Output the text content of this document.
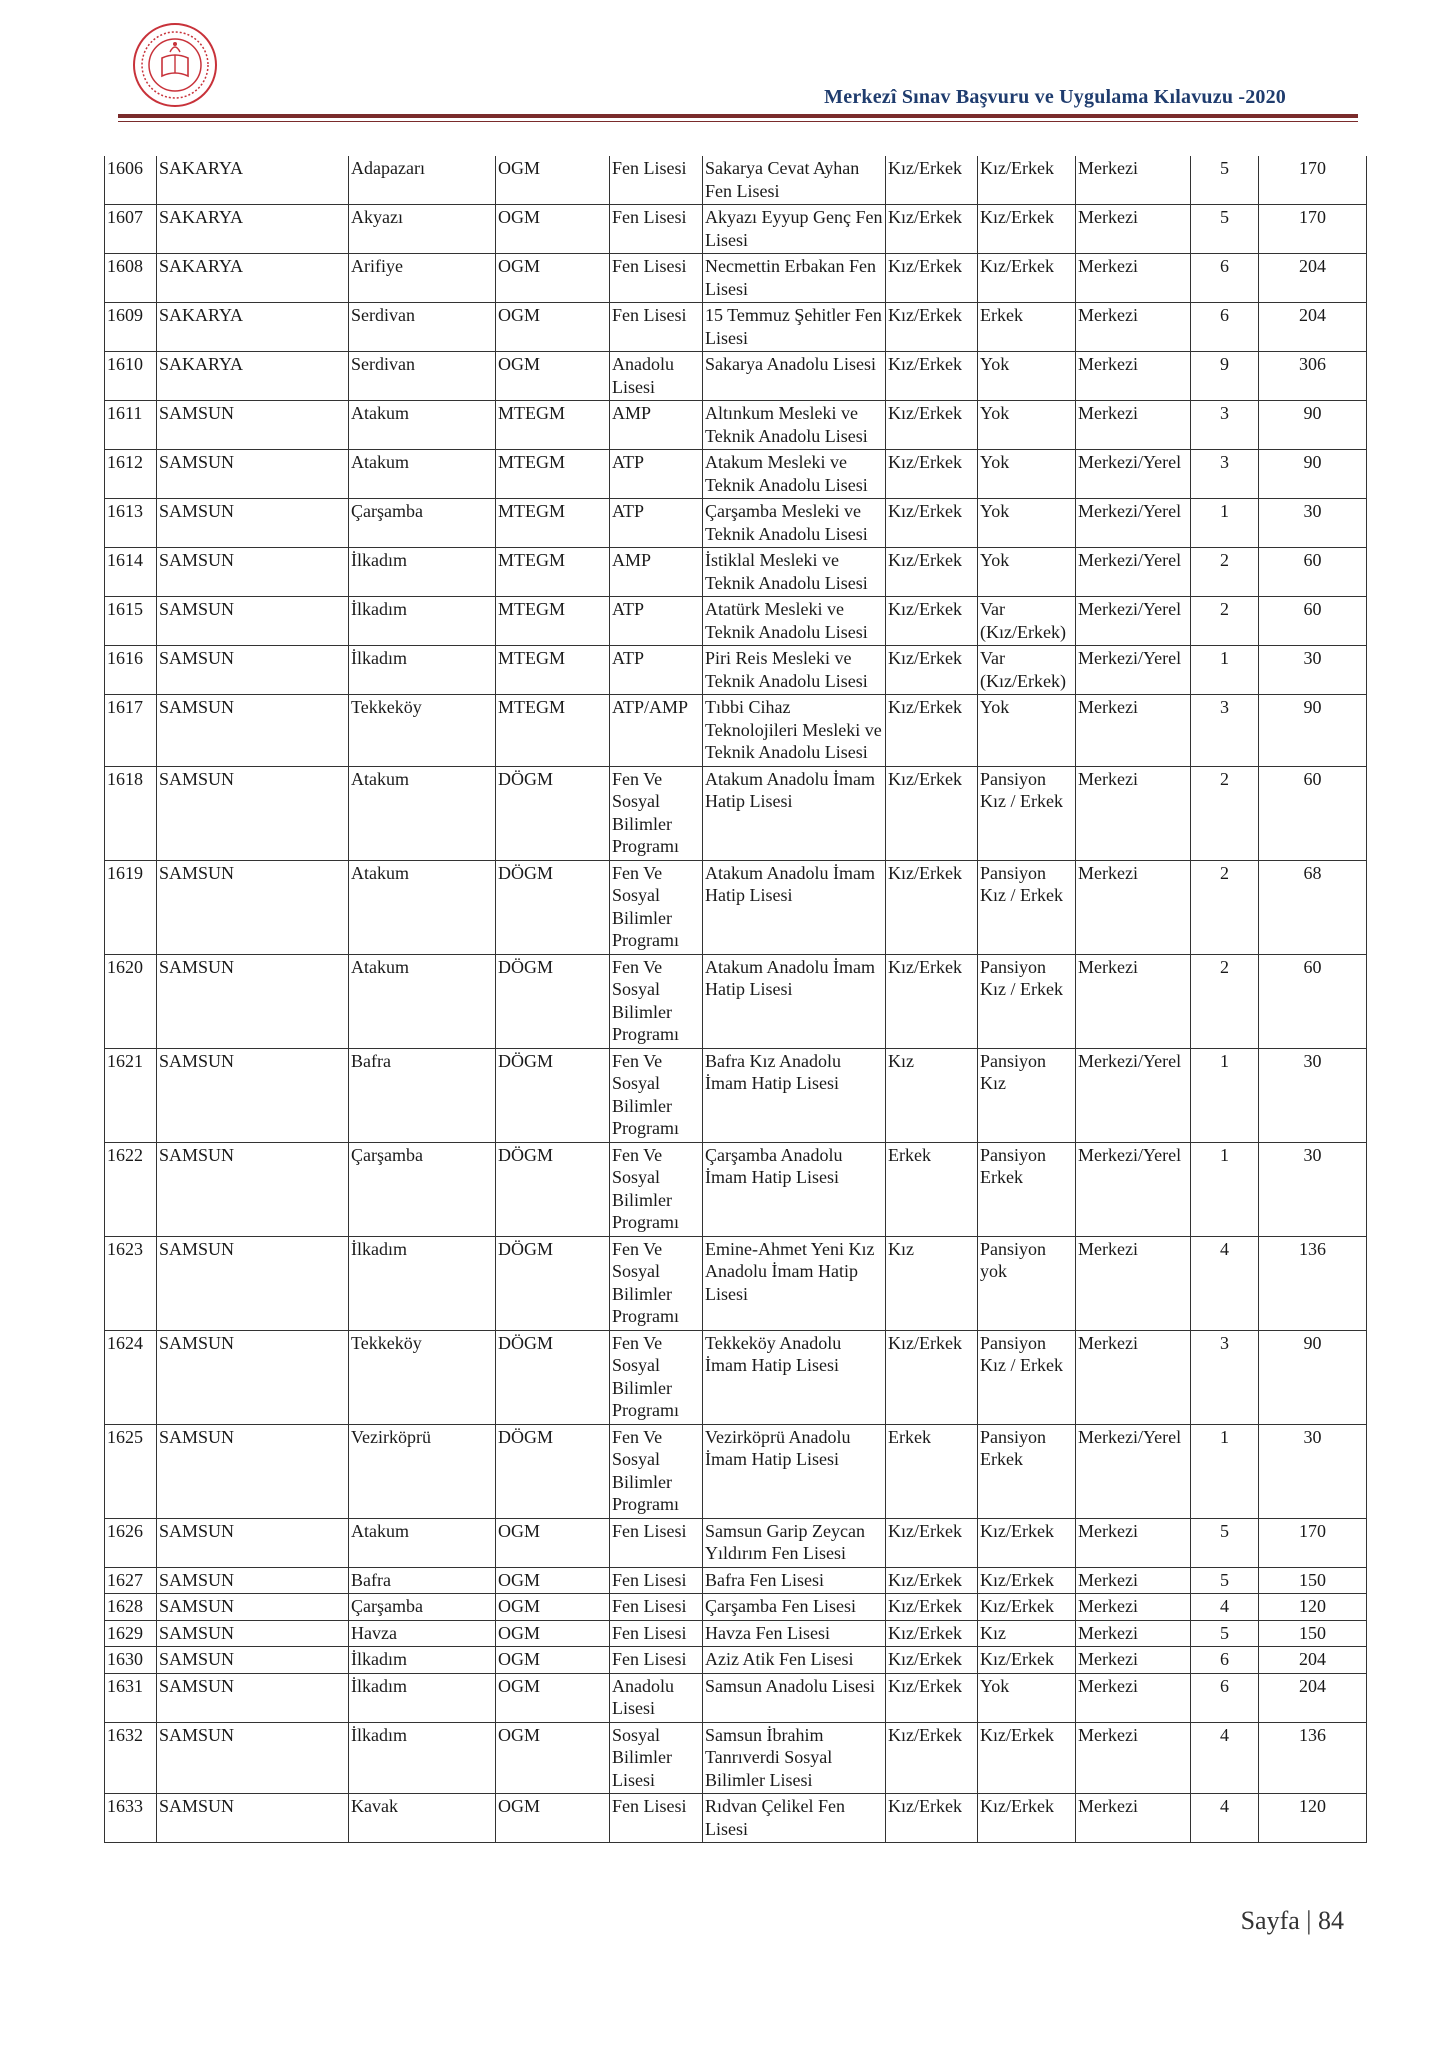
Merkezî Sınav Başvuru ve Uygulama Kılavuzu -2020
1606	SAKARYA	Adapazarı	OGM	Fen Lisesi	Sakarya Cevat Ayhan Fen Lisesi	Kız/Erkek	Kız/Erkek	Merkezi	5	170
1607	SAKARYA	Akyazı	OGM	Fen Lisesi	Akyazı Eyyup Genç Fen Lisesi	Kız/Erkek	Kız/Erkek	Merkezi	5	170
1608	SAKARYA	Arifiye	OGM	Fen Lisesi	Necmettin Erbakan Fen Lisesi	Kız/Erkek	Kız/Erkek	Merkezi	6	204
1609	SAKARYA	Serdivan	OGM	Fen Lisesi	15 Temmuz Şehitler Fen Lisesi	Kız/Erkek	Erkek	Merkezi	6	204
1610	SAKARYA	Serdivan	OGM	Anadolu Lisesi	Sakarya Anadolu Lisesi	Kız/Erkek	Yok	Merkezi	9	306
1611	SAMSUN	Atakum	MTEGM	AMP	Altınkum Mesleki ve Teknik Anadolu Lisesi	Kız/Erkek	Yok	Merkezi	3	90
1612	SAMSUN	Atakum	MTEGM	ATP	Atakum Mesleki ve Teknik Anadolu Lisesi	Kız/Erkek	Yok	Merkezi/Yerel	3	90
1613	SAMSUN	Çarşamba	MTEGM	ATP	Çarşamba Mesleki ve Teknik Anadolu Lisesi	Kız/Erkek	Yok	Merkezi/Yerel	1	30
1614	SAMSUN	İlkadım	MTEGM	AMP	İstiklal Mesleki ve Teknik Anadolu Lisesi	Kız/Erkek	Yok	Merkezi/Yerel	2	60
1615	SAMSUN	İlkadım	MTEGM	ATP	Atatürk Mesleki ve Teknik Anadolu Lisesi	Kız/Erkek	Var (Kız/Erkek)	Merkezi/Yerel	2	60
1616	SAMSUN	İlkadım	MTEGM	ATP	Piri Reis Mesleki ve Teknik Anadolu Lisesi	Kız/Erkek	Var (Kız/Erkek)	Merkezi/Yerel	1	30
1617	SAMSUN	Tekkeköy	MTEGM	ATP/AMP	Tıbbi Cihaz Teknolojileri Mesleki ve Teknik Anadolu Lisesi	Kız/Erkek	Yok	Merkezi	3	90
1618	SAMSUN	Atakum	DÖGM	Fen Ve Sosyal Bilimler Programı	Atakum Anadolu İmam Hatip Lisesi	Kız/Erkek	Pansiyon Kız / Erkek	Merkezi	2	60
1619	SAMSUN	Atakum	DÖGM	Fen Ve Sosyal Bilimler Programı	Atakum Anadolu İmam Hatip Lisesi	Kız/Erkek	Pansiyon Kız / Erkek	Merkezi	2	68
1620	SAMSUN	Atakum	DÖGM	Fen Ve Sosyal Bilimler Programı	Atakum Anadolu İmam Hatip Lisesi	Kız/Erkek	Pansiyon Kız / Erkek	Merkezi	2	60
1621	SAMSUN	Bafra	DÖGM	Fen Ve Sosyal Bilimler Programı	Bafra Kız Anadolu İmam Hatip Lisesi	Kız	Pansiyon Kız	Merkezi/Yerel	1	30
1622	SAMSUN	Çarşamba	DÖGM	Fen Ve Sosyal Bilimler Programı	Çarşamba Anadolu İmam Hatip Lisesi	Erkek	Pansiyon Erkek	Merkezi/Yerel	1	30
1623	SAMSUN	İlkadım	DÖGM	Fen Ve Sosyal Bilimler Programı	Emine-Ahmet Yeni Kız Anadolu İmam Hatip Lisesi	Kız	Pansiyon yok	Merkezi	4	136
1624	SAMSUN	Tekkeköy	DÖGM	Fen Ve Sosyal Bilimler Programı	Tekkeköy Anadolu İmam Hatip Lisesi	Kız/Erkek	Pansiyon Kız / Erkek	Merkezi	3	90
1625	SAMSUN	Vezirköprü	DÖGM	Fen Ve Sosyal Bilimler Programı	Vezirköprü Anadolu İmam Hatip Lisesi	Erkek	Pansiyon Erkek	Merkezi/Yerel	1	30
1626	SAMSUN	Atakum	OGM	Fen Lisesi	Samsun Garip Zeycan Yıldırım Fen Lisesi	Kız/Erkek	Kız/Erkek	Merkezi	5	170
1627	SAMSUN	Bafra	OGM	Fen Lisesi	Bafra Fen Lisesi	Kız/Erkek	Kız/Erkek	Merkezi	5	150
1628	SAMSUN	Çarşamba	OGM	Fen Lisesi	Çarşamba Fen Lisesi	Kız/Erkek	Kız/Erkek	Merkezi	4	120
1629	SAMSUN	Havza	OGM	Fen Lisesi	Havza Fen Lisesi	Kız/Erkek	Kız	Merkezi	5	150
1630	SAMSUN	İlkadım	OGM	Fen Lisesi	Aziz Atik Fen Lisesi	Kız/Erkek	Kız/Erkek	Merkezi	6	204
1631	SAMSUN	İlkadım	OGM	Anadolu Lisesi	Samsun Anadolu Lisesi	Kız/Erkek	Yok	Merkezi	6	204
1632	SAMSUN	İlkadım	OGM	Sosyal Bilimler Lisesi	Samsun İbrahim Tanrıverdi Sosyal Bilimler Lisesi	Kız/Erkek	Kız/Erkek	Merkezi	4	136
1633	SAMSUN	Kavak	OGM	Fen Lisesi	Rıdvan Çelikel Fen Lisesi	Kız/Erkek	Kız/Erkek	Merkezi	4	120
Sayfa | 84
